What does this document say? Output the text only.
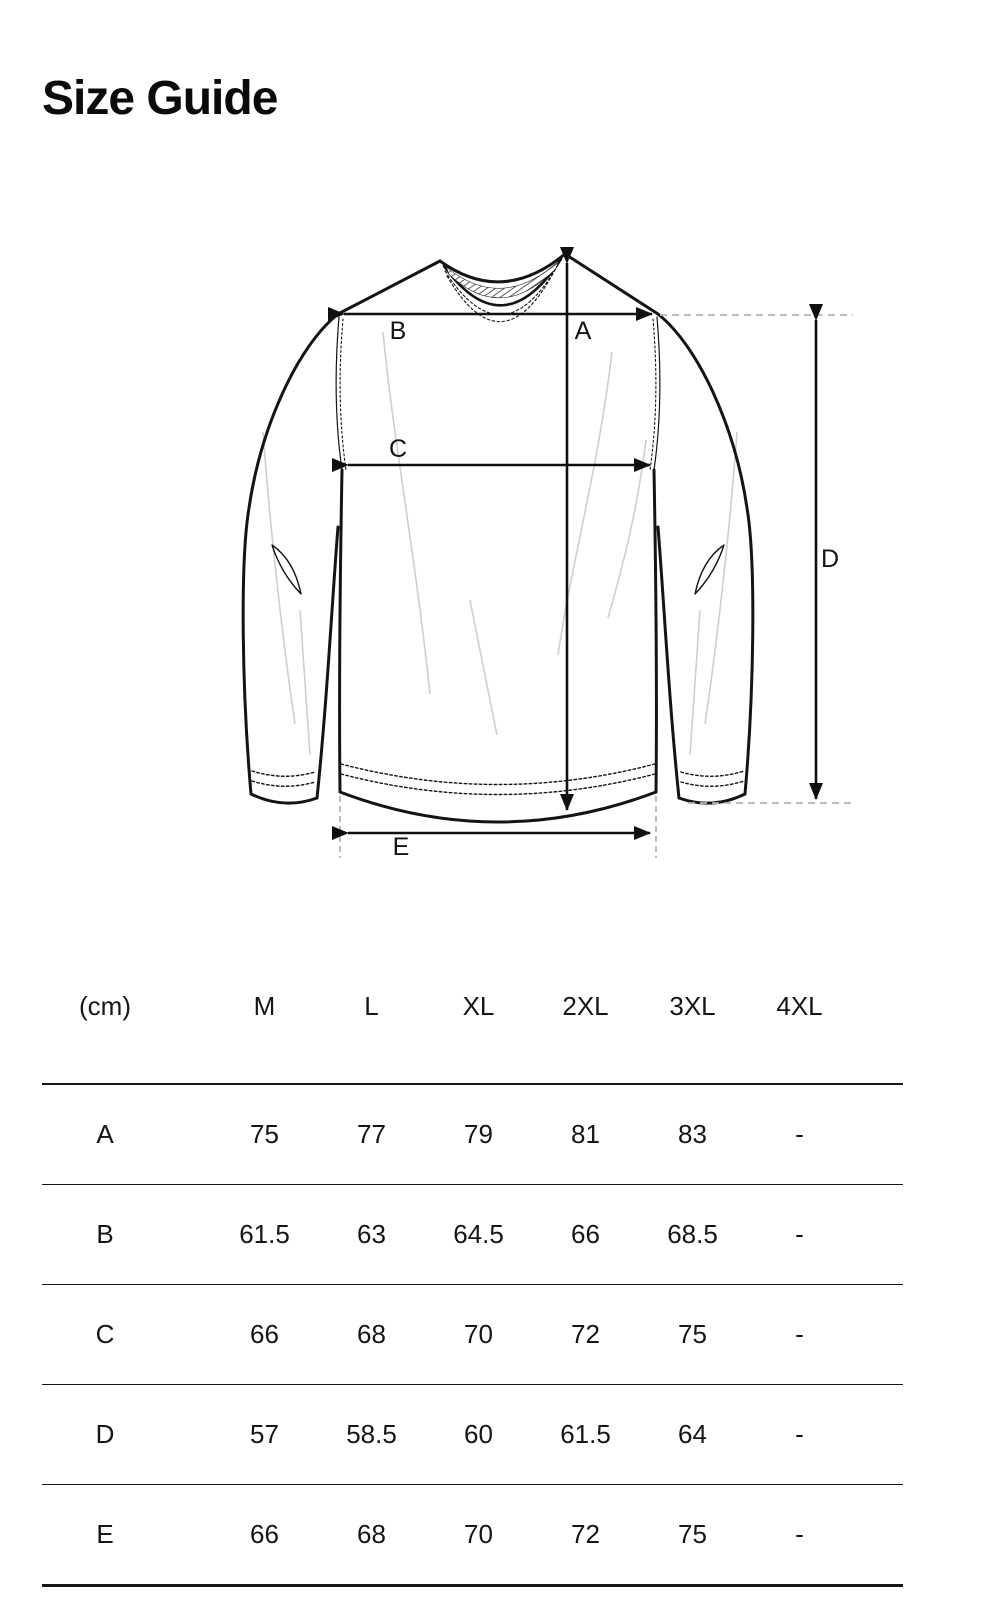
Size Guide
B	A
C
D
E
(cm)	M	L	XL	2XL	3XL	4XL
A	75	77	79	81	83	-
B	61.5	63	64.5	66	68.5	-
C	66	68	70	72	75	-
D	57	58.5	60	61.5	64	-
E	66	68	70	72	75	-
